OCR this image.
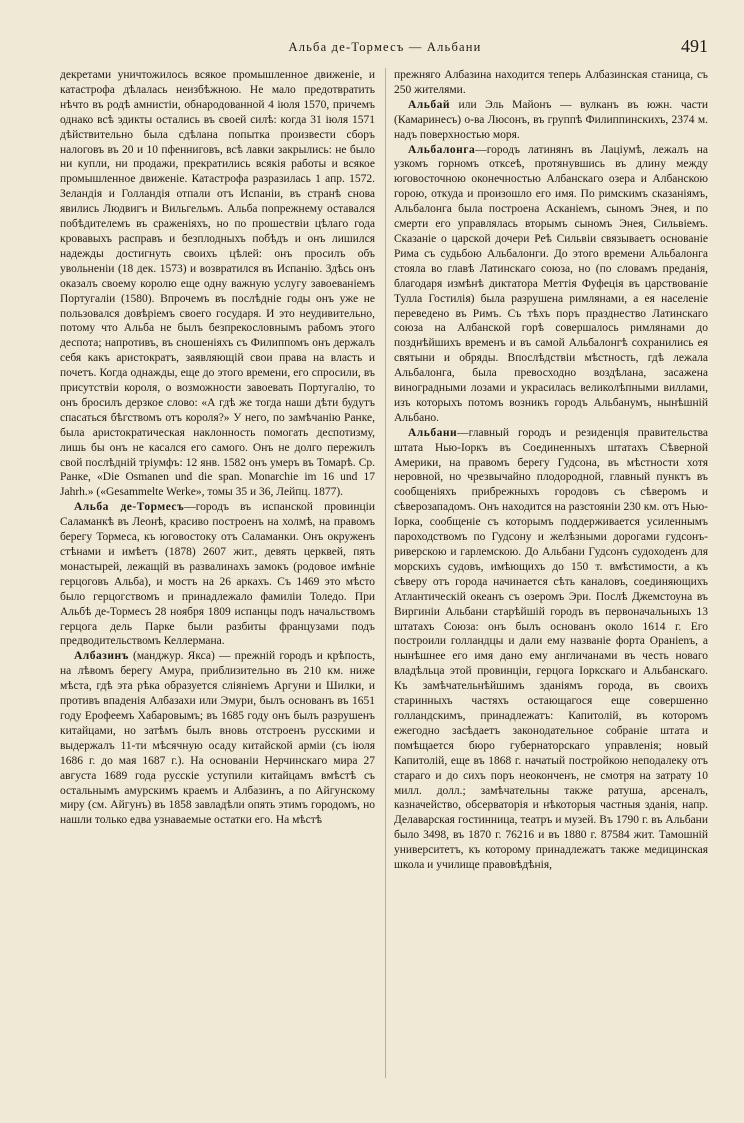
Альба де-Тормесъ — Альбани	491

декретами уничтожилось всякое промышленное движеніе, и катастрофа дѣлалась неизбѣжною. Не мало предотвратить нѣчто въ родѣ амнистіи, обнародованной 4 іюля 1570, причемъ однако всѣ эдикты остались въ своей силѣ: когда 31 іюля 1571 дѣйствительно была сдѣлана попытка произвести сборъ налоговъ въ 20 и 10 пфенниговъ, всѣ лавки закрылись: не было ни купли, ни продажи, прекратились всякія работы и всякое промышленное движеніе. Катастрофа разразилась 1 апр. 1572. Зеландія и Голландія отпали отъ Испаніи, въ странѣ снова явились Людвигъ и Вильгельмъ. Альба попрежнему оставался побѣдителемъ въ сраженіяхъ, но по прошествіи цѣлаго года кровавыхъ расправъ и безплодныхъ побѣдъ и онъ лишился надежды достигнуть своихъ цѣлей: онъ просилъ объ увольненіи (18 дек. 1573) и возвратился въ Испанію. Здѣсь онъ оказалъ своему королю еще одну важную услугу завоеваніемъ Португаліи (1580). Впрочемъ въ послѣдніе годы онъ уже не пользовался довѣріемъ своего государя. И это неудивительно, потому что Альба не былъ безпрекословнымъ рабомъ этого деспота; напротивъ, въ сношеніяхъ съ Филиппомъ онъ держалъ себя какъ аристократъ, заявляющій свои права на власть и почетъ. Когда однажды, еще до этого времени, его спросили, въ присутствіи короля, о возможности завоевать Португалію, то онъ бросилъ дерзкое слово: «А гдѣ же тогда наши дѣти будутъ спасаться бѣгствомъ отъ короля?» У него, по замѣчанію Ранке, была аристократическая наклонность помогать деспотизму, лишь бы онъ не касался его самого. Онъ не долго пережилъ свой послѣдній тріумфъ: 12 янв. 1582 онъ умеръ въ Томарѣ. Ср. Ранке, «Die Osmanen und die span. Monarchie im 16 und 17 Jahrh.» («Gesammelte Werke», томы 35 и 36, Лейпц. 1877).

Альба де-Тормесъ—городъ въ испанской провинціи Саламанкѣ въ Леонѣ, красиво построенъ на холмѣ, на правомъ берегу Тормеса, къ юговостоку отъ Саламанки. Онъ окруженъ стѣнами и имѣетъ (1878) 2607 жит., девять церквей, пять монастырей, лежащій въ развалинахъ замокъ (родовое имѣніе герцоговъ Альба), и мостъ на 26 аркахъ. Съ 1469 это мѣсто было герцогствомъ и принадлежало фамиліи Толедо. При Альбѣ де-Тормесъ 28 ноября 1809 испанцы подъ начальствомъ герцога дель Парке были разбиты французами подъ предводительствомъ Келлермана.

Албазинъ (манджур. Якса) — прежній городъ и крѣпость, на лѣвомъ берегу Амура, приблизительно въ 210 км. ниже мѣста, гдѣ эта рѣка образуется сліяніемъ Аргуни и Шилки, и противъ впаденія Албазахи или Эмури, былъ основанъ въ 1651 году Ерофеемъ Хабаровымъ; въ 1685 году онъ былъ разрушенъ китайцами, но затѣмъ былъ вновь отстроенъ русскими и выдержалъ 11-ти мѣсячную осаду китайской арміи (съ іюля 1686 г. до мая 1687 г.). На основаніи Нерчинскаго мира 27 августа 1689 года русскіе уступили китайцамъ вмѣстѣ съ остальнымъ амурскимъ краемъ и Албазинъ, а по Айгунскому миру (см. Айгунъ) въ 1858 завладѣли опять этимъ городомъ, но нашли только едва узнаваемые остатки его. На мѣстѣ

прежняго Албазина находится теперь Албазинская станица, съ 250 жителями.

Альбай или Эль Майонъ — вулканъ въ южн. части (Камаринесъ) о-ва Люсонъ, въ группѣ Филиппинскихъ, 2374 м. надъ поверхностью моря.

Альбалонга—городъ латинянъ въ Лаціумѣ, лежалъ на узкомъ горномъ отксеѣ, протянувшись въ длину между юговосточною оконечностью Албанскаго озера и Албанскою горою, откуда и произошло его имя. По римскимъ сказаніямъ, Альбалонга была построена Асканіемъ, сыномъ Энея, и по смерти его управлялась вторымъ сыномъ Энея, Сильвіемъ. Сказаніе о царской дочери Реѣ Сильвіи связываетъ основаніе Рима съ судьбою Альбалонги. До этого времени Альбалонга стояла во главѣ Латинскаго союза, но (по словамъ преданія, благодаря измѣнѣ диктатора Меттія Фуфеція въ царствованіе Тулла Гостилія) была разрушена римлянами, а ея населеніе переведено въ Римъ. Съ тѣхъ поръ празднество Латинскаго союза на Албанской горѣ совершалось римлянами до позднѣйшихъ временъ и въ самой Альбалонгѣ сохранились ея святыни и обряды. Впослѣдствіи мѣстность, гдѣ лежала Альбалонга, была превосходно воздѣлана, засажена виноградными лозами и украсилась великолѣпными виллами, изъ которыхъ потомъ возникъ городъ Альбанумъ, нынѣшній Альбано.

Альбани—главный городъ и резиденція правительства штата Нью-Іоркъ въ Соединенныхъ штатахъ Сѣверной Америки, на правомъ берегу Гудсона, въ мѣстности хотя неровной, но чрезвычайно плодородной, главный пунктъ въ сообщеніяхъ прибрежныхъ городовъ съ сѣверомъ и сѣверозападомъ. Онъ находится на разстояніи 230 км. отъ Нью-Іорка, сообщеніе съ которымъ поддерживается усиленнымъ пароходствомъ по Гудсону и желѣзными дорогами гудсонъ-риверскою и гарлемскою. До Альбани Гудсонъ судоходенъ для морскихъ судовъ, имѣющихъ до 150 т. вмѣстимости, а къ сѣверу отъ города начинается сѣть каналовъ, соединяющихъ Атлантическій океанъ съ озеромъ Эри. Послѣ Джемстоуна въ Виргиніи Альбани старѣйшій городъ въ первоначальныхъ 13 штатахъ Союза: онъ былъ основанъ около 1614 г. Его построили голландцы и дали ему названіе форта Оранienъ, а нынѣшнее его имя дано ему англичанами въ честь новаго владѣльца этой провинціи, герцога Іоркскаго и Альбанскаго. Къ замѣчательнѣйшимъ зданіямъ города, въ своихъ старинныхъ частяхъ остающагося еще совершенно голландскимъ, принадлежатъ: Капитолій, въ которомъ ежегодно засѣдаетъ законодательное собраніе штата и помѣщается бюро губернаторскаго управленія; новый Капитолій, еще въ 1868 г. начатый постройкою неподалеку отъ стараго и до сихъ поръ неоконченъ, не смотря на затрату 10 милл. долл.; замѣчательны также ратуша, арсеналъ, казначейство, обсерваторія и нѣкоторыя частныя зданія, напр. Делаварская гостинница, театръ и музей. Въ 1790 г. въ Альбани было 3498, въ 1870 г. 76216 и въ 1880 г. 87584 жит. Тамошній университетъ, къ которому принадлежатъ также медицинская школа и училище правовѣдѣнія,
